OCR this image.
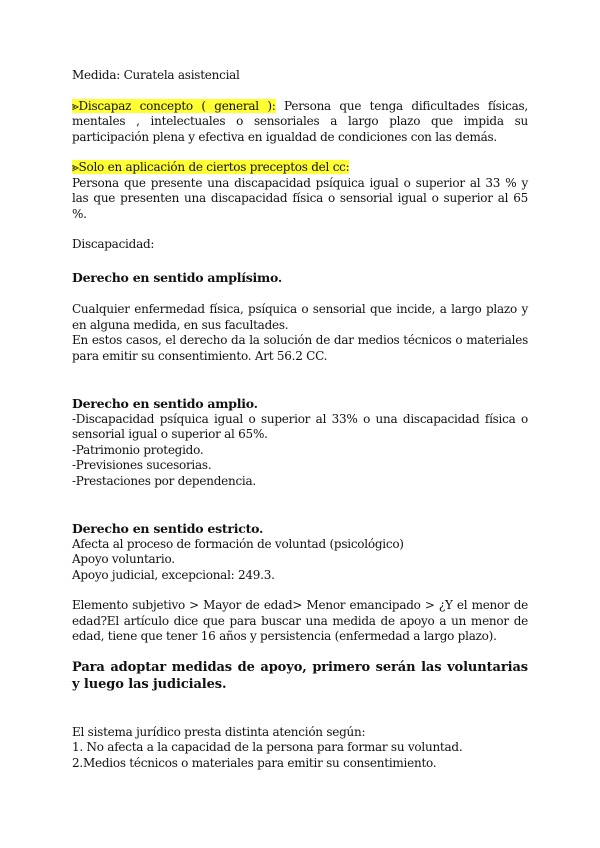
Medida: Curatela asistencial

⪢Discapaz concepto ( general ): Persona que tenga dificultades físicas, mentales , intelectuales o sensoriales a largo plazo que impida su participación plena y efectiva en igualdad de condiciones con las demás.

⪢Solo en aplicación de ciertos preceptos del cc:

Persona que presente una discapacidad psíquica igual o superior al 33 % y las que presenten una discapacidad física o sensorial igual o superior al 65 %.

Discapacidad:

Derecho en sentido amplísimo.

Cualquier enfermedad física, psíquica o sensorial que incide, a largo plazo y en alguna medida, en sus facultades.

En estos casos, el derecho da la solución de dar medios técnicos o materiales para emitir su consentimiento. Art 56.2 CC.

Derecho en sentido amplio.

-Discapacidad psíquica igual o superior al 33% o una discapacidad física o sensorial igual o superior al 65%.

-Patrimonio protegido.

-Previsiones sucesorias.

-Prestaciones por dependencia.

Derecho en sentido estricto.

Afecta al proceso de formación de voluntad (psicológico)

Apoyo voluntario.

Apoyo judicial, excepcional: 249.3.

Elemento subjetivo > Mayor de edad> Menor emancipado > ¿Y el menor de edad?El artículo dice que para buscar una medida de apoyo a un menor de edad, tiene que tener 16 años y persistencia (enfermedad a largo plazo).

Para adoptar medidas de apoyo, primero serán las voluntarias y luego las judiciales.

El sistema jurídico presta distinta atención según:

1. No afecta a la capacidad de la persona para formar su voluntad.

2.Medios técnicos o materiales para emitir su consentimiento.
